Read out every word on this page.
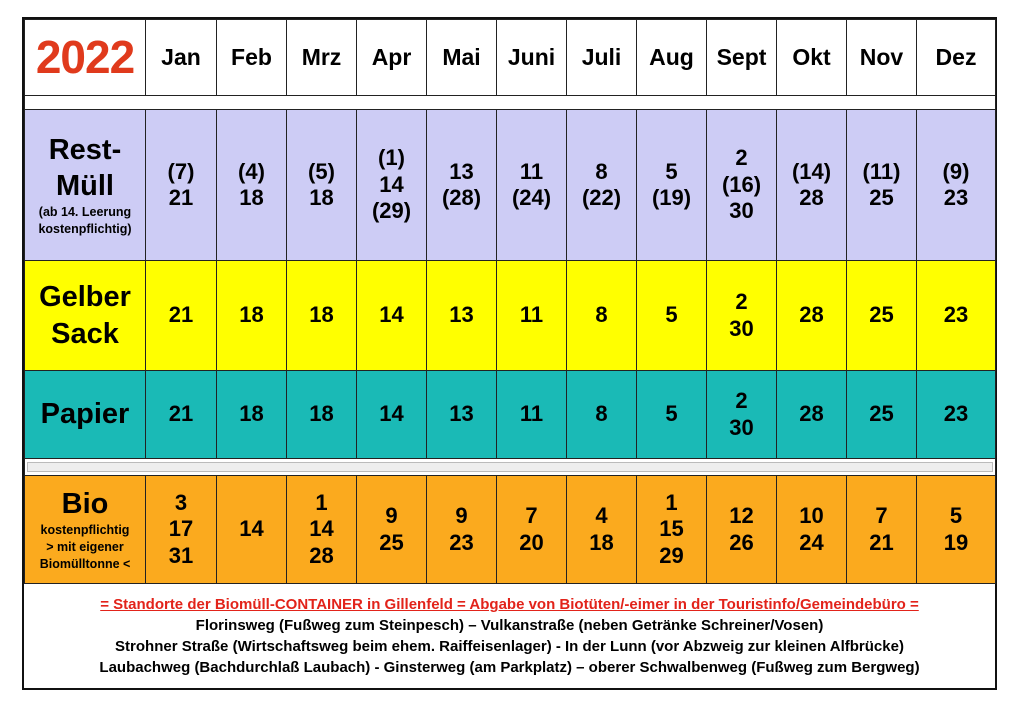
2022	Jan	Feb	Mrz	Apr	Mai	Juni	Juli	Aug	Sept	Okt	Nov	Dez

Rest-
Müll
(ab 14. Leerung
kostenpflichtig)	(7)
21	(4)
18	(5)
18	(1)
14
(29)	13
(28)	11
(24)	8
(22)	5
(19)	2
(16)
30	(14)
28	(11)
25	(9)
23

Gelber
Sack	21	18	18	14	13	11	8	5	2
30	28	25	23

Papier	21	18	18	14	13	11	8	5	2
30	28	25	23

Bio
kostenpflichtig
> mit eigener
Biomülltonne <	3
17
31	14	1
14
28	9
25	9
23	7
20	4
18	1
15
29	12
26	10
24	7
21	5
19
= Standorte der Biomüll-CONTAINER in Gillenfeld = Abgabe von Biotüten/-eimer in der Touristinfo/Gemeindebüro =
Florinsweg (Fußweg zum Steinpesch) – Vulkanstraße (neben Getränke Schreiner/Vosen)
Strohner Straße (Wirtschaftsweg beim ehem. Raiffeisenlager) - In der Lunn (vor Abzweig zur kleinen Alfbrücke)
Laubachweg (Bachdurchlaß Laubach) - Ginsterweg (am Parkplatz) – oberer Schwalbenweg (Fußweg zum Bergweg)
